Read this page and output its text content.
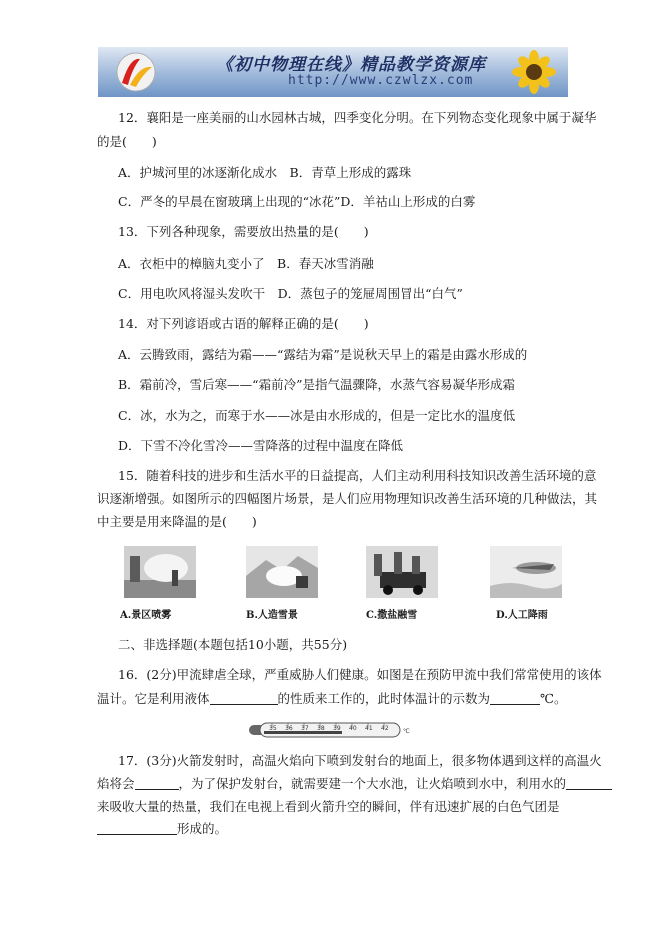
《初中物理在线》精品教学资源库
http://www.czwlzx.com
12．襄阳是一座美丽的山水园林古城，四季变化分明。在下列物态变化现象中属于凝华
的是(　　)
A．护城河里的冰逐渐化成水　B．青草上形成的露珠
C．严冬的早晨在窗玻璃上出现的“冰花”D．羊祜山上形成的白雾
13．下列各种现象，需要放出热量的是(　　)
A．衣柜中的樟脑丸变小了　B．春天冰雪消融
C．用电吹风将湿头发吹干　D．蒸包子的笼屉周围冒出“白气”
14．对下列谚语或古语的解释正确的是(　　)
A．云腾致雨，露结为霜——“露结为霜”是说秋天早上的霜是由露水形成的
B．霜前冷，雪后寒——“霜前冷”是指气温骤降，水蒸气容易凝华形成霜
C．冰，水为之，而寒于水——冰是由水形成的，但是一定比水的温度低
D．下雪不冷化雪冷——雪降落的过程中温度在降低
15．随着科技的进步和生活水平的日益提高，人们主动利用科技知识改善生活环境的意
识逐渐增强。如图所示的四幅图片场景，是人们应用物理知识改善生活环境的几种做法，其
中主要是用来降温的是(　　)
A.景区喷雾	B.人造雪景	C.撒盐融雪	D.人工降雨
二、非选择题(本题包括10小题，共55分)
16．(2分)甲流肆虐全球，严重威胁人们健康。如图是在预防甲流中我们常常使用的该体
温计。它是利用液体	的性质来工作的，此时体温计的示数为	℃。
35 36 37 38 39 40 41 42 ℃
17．(3分)火箭发射时，高温火焰向下喷到发射台的地面上，很多物体遇到这样的高温火
焰将会	，为了保护发射台，就需要建一个大水池，让火焰喷到水中，利用水的
来吸收大量的热量，我们在电视上看到火箭升空的瞬间，伴有迅速扩展的白色气团是
形成的。
